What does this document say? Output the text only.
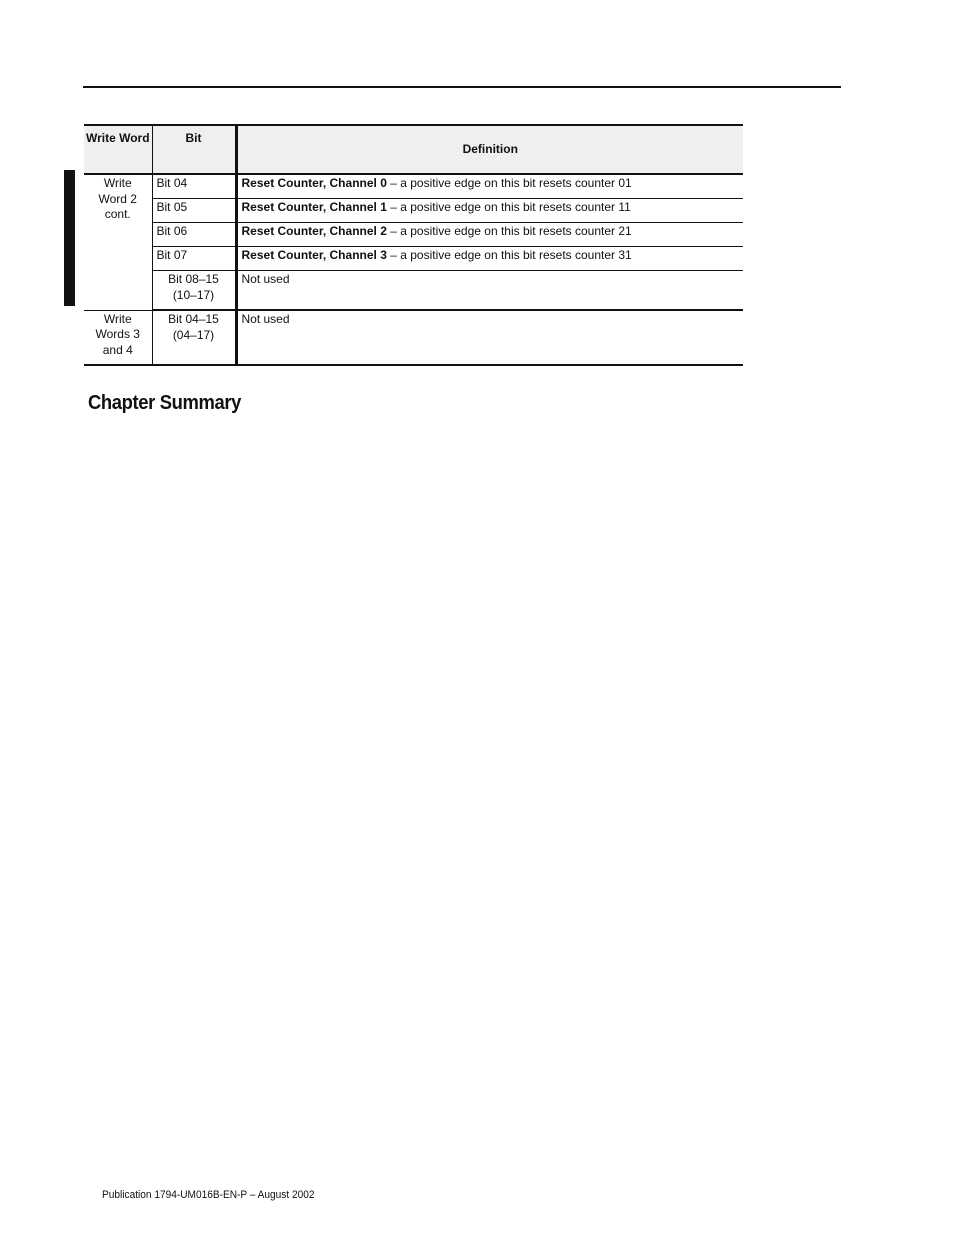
Write Word	Bit	Definition
Write Word 2 cont.	Bit 04	Reset Counter, Channel 0 – a positive edge on this bit resets counter 01
	Bit 05	Reset Counter, Channel 1 – a positive edge on this bit resets counter 11
	Bit 06	Reset Counter, Channel 2 – a positive edge on this bit resets counter 21
	Bit 07	Reset Counter, Channel 3 – a positive edge on this bit resets counter 31
	Bit 08–15 (10–17)	Not used
Write Words 3 and 4	Bit 04–15 (04–17)	Not used
Chapter Summary
Publication 1794-UM016B-EN-P – August 2002
